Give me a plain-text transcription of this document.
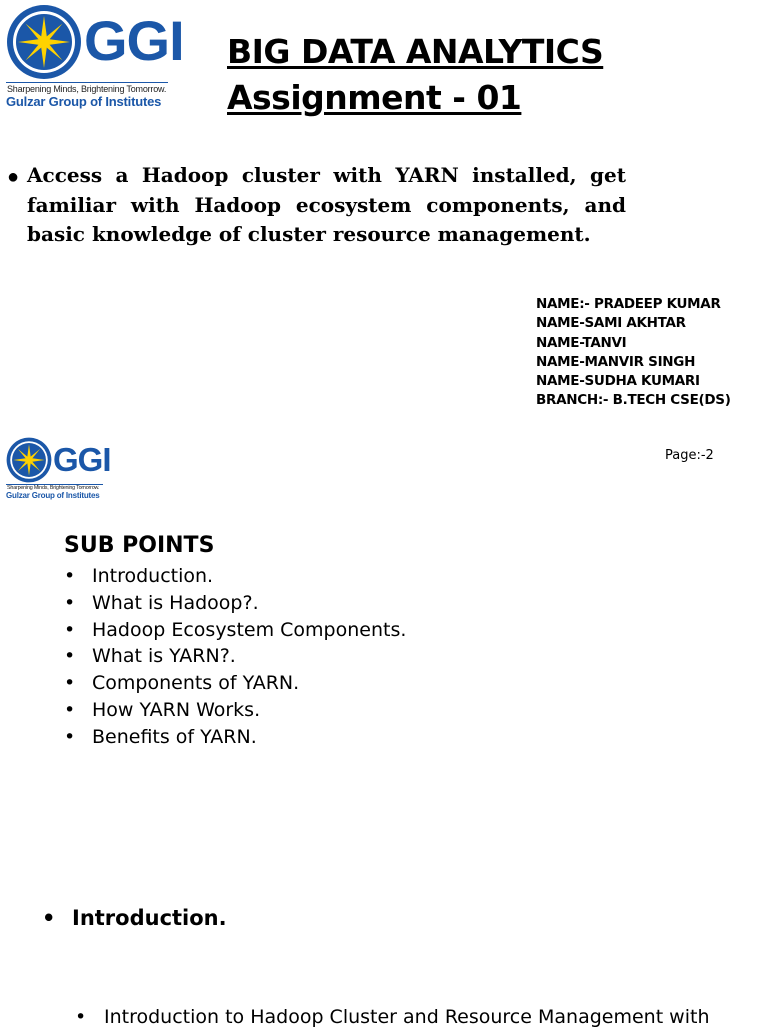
GGI
Sharpening Minds, Brightening Tomorrow.
Gulzar Group of Institutes
BIG DATA ANALYTICS
Assignment - 01
● Access a Hadoop cluster with YARN installed, get familiar with Hadoop ecosystem components, and basic knowledge of cluster resource management.

NAME:- PRADEEP KUMAR
NAME-SAMI AKHTAR
NAME-TANVI
NAME-MANVIR SINGH
NAME-SUDHA KUMARI
BRANCH:- B.TECH CSE(DS)
GGI
Sharpening Minds, Brightening Tomorrow.
Gulzar Group of Institutes
Page:-2
SUB POINTS
• Introduction.
• What is Hadoop?.
• Hadoop Ecosystem Components.
• What is YARN?.
• Components of YARN.
• How YARN Works.
• Benefits of YARN.
• Introduction.
• Introduction to Hadoop Cluster and Resource Management with
